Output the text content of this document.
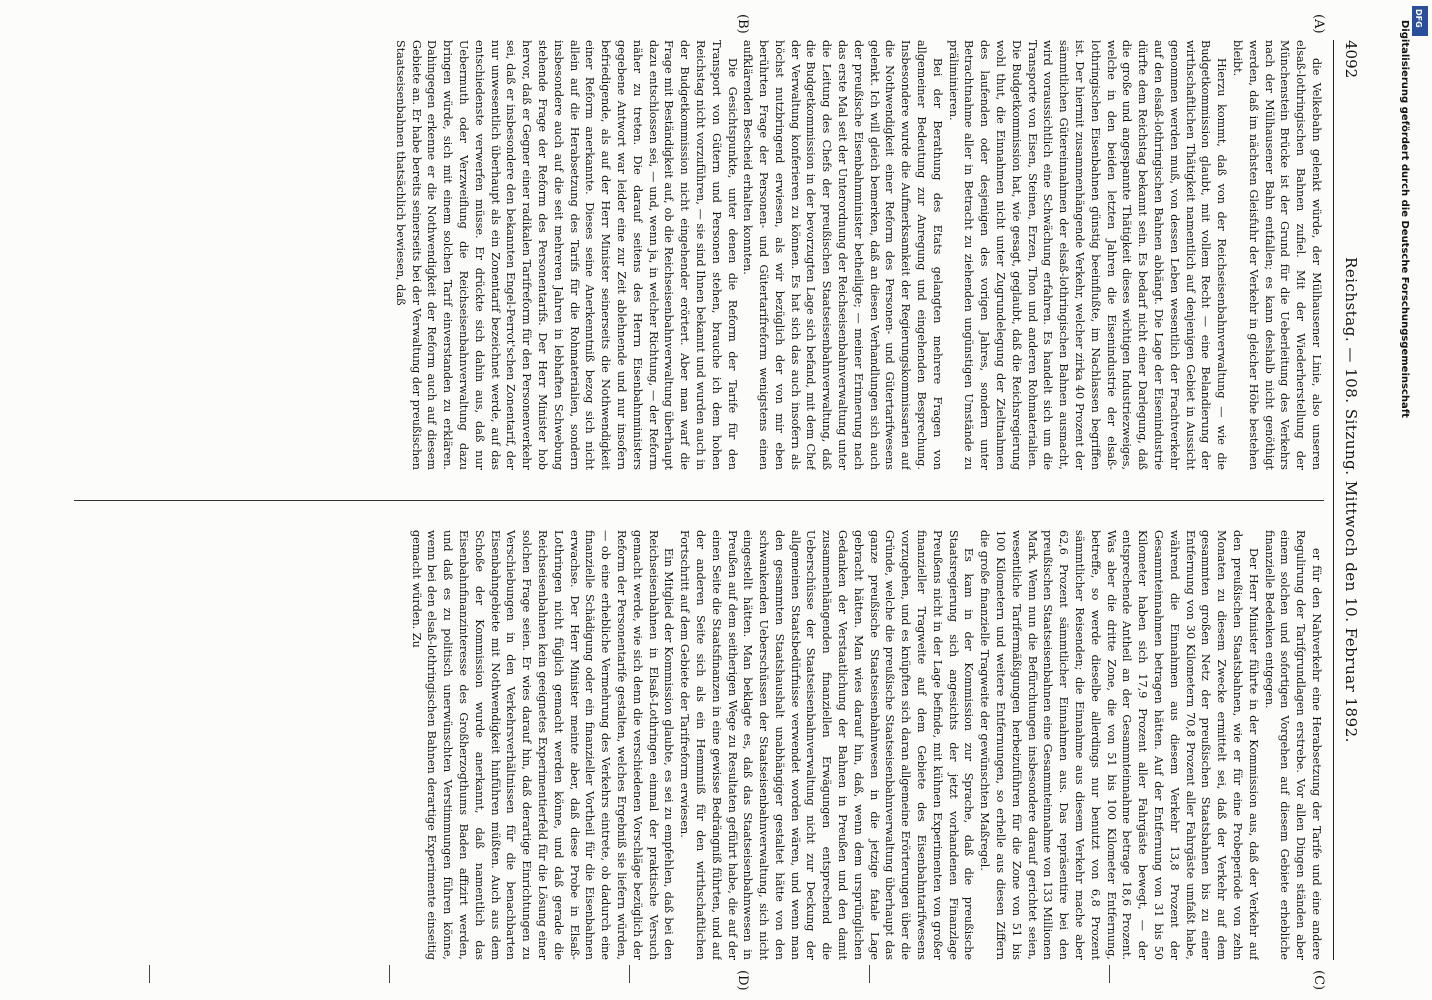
4092
Reichstag. — 108. Sitzung. Mittwoch den 10. Februar 1892.

die Velkebahn gelenkt würde, der Mülhausener Linie, also unseren elsaß-lothringischen Bahnen zufiel. Mit der Wiederherstellung der Münchenstein Brücke ist der Grund für die Ueberleitung des Verkehrs nach der Mülhausener Bahn entfallen; es kann deshalb nicht genöthigt werden, daß im nächsten Gleisfuhr der Verkehr in gleicher Höhe bestehen bleibt.

Hierzu kommt, daß von der Reichseisenbahnverwaltung — wie die Budgetkommission glaubt, mit vollem Recht — eine Belandierung der wirthschaftlichen Thätigkeit namentlich auf denjenigen Gebiet in Aussicht genommen werden muß, von dessen Leben wesentlich der Frachtverkehr auf den elsaß-lothringischen Bahnen abhängt. Die Lage der Eisenindustrie dürfte dem Reichstag bekannt sein. Es bedarf nicht einer Darlegung, daß die große und angespannte Thätigkeit dieses wichtigen Industriezweiges, welche in den beiden letzten Jahren die Eisenindustrie der elsaß-lothringischen Eisenbahnen günstig beeinflußte, im Nachlassen begriffen ist. Der hiermit zusammenhängende Verkehr, welcher zirka 40 Prozent der sämmtlichen Gütereinnahmen der elsaß-lothringischen Bahnen ausmacht, wird voraussichtlich eine Schwächung erfahren. Es handelt sich um die Transporte von Eisen, Steinen, Erzen, Thon und anderen Rohmaterialien. Die Budgetkommission hat, wie gesagt, geglaubt, daß die Reichsregierung wohl thut, die Einnahmen nicht unter Zugrundelegung der Zieltnahmen des laufenden oder desjenigen des vorigen Jahres, sondern unter Betrachtnahme aller in Betracht zu ziehenden ungünstigen Umstände zu präliminieren.

Bei der Berathung des Etats gelangten mehrere Fragen von allgemeiner Bedeutung zur Anregung und eingehenden Besprechung. Insbesondere wurde die Aufmerksamkeit der Regierungskommissarien auf die Nothwendigkeit einer Reform des Personen- und Gütertarifwesens gelenkt. Ich will gleich bemerken, daß an diesen Verhandlungen sich auch der preußische Eisenbahnminister betheiligte; — meiner Erinnerung nach das erste Mal seit der Unterordnung der Reichseisenbahnverwaltung unter die Leitung des Chefs der preußischen Staatseisenbahnverwaltung, daß die Budgetkommission in der bevorzugten Lage sich befand, mit dem Chef der Verwaltung konferieren zu können. Es hat sich das auch insofern als höchst nutzbringend erwiesen, als wir bezüglich der von mir eben berührten Frage der Personen- und Gütertarifreform wenigstens einen aufklärenden Bescheid erhalten konnten.

Die Gesichtspunkte, unter denen die Reform der Tarife für den Transport von Gütern und Personen stehen, brauche ich dem hohen Reichstag nicht vorzuführen, — sie sind Ihnen bekannt und wurden auch in der Budgetkommission nicht eingehender erörtert. Aber man warf die Frage mit Beständigkeit auf, ob die Reichseisenbahnverwaltung überhaupt dazu entschlossen sei, — und, wenn ja, in welcher Richtung, — der Reform näher zu treten. Die darauf seitens des Herrn Eisenbahnministers gegebene Antwort war leider eine zur Zeit ablehnende und nur insofern befriedigende, als auf der Herr Minister seinerseits die Nothwendigkeit einer Reform anerkannte. Dieses seine Anerkenntniß bezog sich nicht allein auf die Herabsetzung des Tarifs für die Rohmaterialien, sondern insbesondere auch auf die seit mehreren Jahren in lebhaften Schwebung stehende Frage der Reform des Personentarifs. Der Herr Minister hob hervor, daß er Gegner einer radikalen Tarifreform für den Personenverkehr sei, daß er insbesondere den bekannten Engel-Perrot'schen Zonentarif, der nur unwesentlich überhaupt als ein Zonentarif bezeichnet werde, auf das entschiedenste verwerfen müsse. Er drückte sich dahin aus, daß nur Uebermuth oder Verzweiflung die Reichseisenbahnverwaltung dazu bringen würde, sich mit einem solchen Tarif einverstanden zu erklären. Dahingegen erkenne er die Nothwendigkeit der Reform auch auf diesem Gebiete an. Er habe bereits seinerseits bei der Verwaltung der preußischen Staatseisenbahnen thatsächlich bewiesen, daß

er für den Nahverkehr eine Herabsetzung der Tarife und eine andere Regulirung der Tarifgrundlagen erstrebe. Vor allen Dingen ständen aber einem solchen und sofortigen Vorgehen auf diesem Gebiete erhebliche finanzielle Bedenken entgegen.

Der Herr Minister führte in der Kommission aus, daß der Verkehr auf den preußischen Staatsbahnen, wie er für eine Probeperiode von zehn Monaten zu diesem Zwecke ermittelt sei, daß der Verkehr auf dem gesammten großen Netz der preußischen Staatsbahnen bis zu einer Entfernung von 30 Kilometern 70,8 Prozent aller Fahrgäste umfaßt habe, während die Einnahmen aus diesem Verkehr 13,8 Prozent der Gesammteinnahmen betragen hätten. Auf der Entfernung von 31 bis 50 Kilometer haben sich 17,9 Prozent aller Fahrgäste bewegt, — der entsprechende Antheil an der Gesammteinnahme betrage 18,6 Prozent. Was aber die dritte Zone, die von 51 bis 100 Kilometer Entfernung, betreffe, so werde dieselbe allerdings nur benutzt von 6,8 Prozent sämmtlicher Reisenden; die Einnahme aus diesem Verkehr mache aber 62,6 Prozent sämmtlicher Einnahmen aus. Das repräsentire bei den preußischen Staatseisenbahnen eine Gesammteinnahme von 133 Millionen Mark. Wenn nun die Befürchtungen insbesondere darauf gerichtet seien, wesentliche Tarifermäßigungen herbeizuführen für die Zone von 51 bis 100 Kilometern und weitere Entfernungen, so erhelle aus diesen Ziffern die große finanzielle Tragweite der gewünschten Maßregel.

Es kam in der Kommission zur Sprache, daß die preußische Staatsregierung sich angesichts der jetzt vorhandenen Finanzlage Preußens nicht in der Lage befinde, mit kühnen Experimenten von großer finanzieller Tragweite auf dem Gebiete des Eisenbahntarifwesens vorzugehen, und es knüpften sich daran allgemeine Erörterungen über die Gründe, welche die preußische Staatseisenbahnverwaltung überhaupt das ganze preußische Staatseisenbahnwesen in die jetzige fatale Lage gebracht hätten. Man wies darauf hin, daß, wenn dem ursprünglichen Gedanken der Verstaatlichung der Bahnen in Preußen und den damit zusammenhängenden finanziellen Erwägungen entsprechend die Ueberschüsse der Staatseisenbahnverwaltung nicht zur Deckung der allgemeinen Staatsbedürfnisse verwendet worden wären, und wenn man den gesammten Staatshaushalt unabhängiger gestaltet hätte von den schwankenden Ueberschüssen der Staatseisenbahnverwaltung, sich nicht eingestellt hätten. Man beklagte es, daß das Staatseisenbahnwesen in Preußen auf dem seitherigen Wege zu Resultaten geführt habe, die auf der einen Seite die Staatsfinanzen in eine gewisse Bedrängniß führten, und auf der anderen Seite sich als ein Hemmniß für den wirthschaftlichen Fortschritt auf dem Gebiete der Tarifreform erwiesen.

Ein Mitglied der Kommission glaubte, es sei zu empfehlen, daß bei den Reichseisenbahnen in Elsaß-Lothringen einmal der praktische Versuch gemacht werde, wie sich denn die verschiedenen Vorschläge bezüglich der Reform der Personentarife gestalten, welches Ergebniß sie liefern würden, — ob eine erhebliche Vermehrung des Verkehrs eintrete, ob dadurch eine finanzielle Schädigung oder ein finanzieller Vortheil für die Eisenbahnen erwachse. Der Herr Minister meinte aber, daß diese Probe in Elsaß-Lothringen nicht füglich gemacht werden könne, und daß gerade die Reichseisenbahnen kein geeignetes Experimentierfeld für die Lösung einer solchen Frage seien. Er wies darauf hin, daß derartige Einrichtungen zu Verschiebungen in den Verkehrsverhältnissen für die benachbarten Eisenbahngebiete mit Nothwendigkeit hinführen müßten. Auch aus dem Schoße der Kommission wurde anerkannt, daß namentlich das Eisenbahnfinanzinteresse des Großherzogthums Baden affizirt werden, und daß es zu politisch unerwünschten Verstimmungen führen könne, wenn bei den elsaß-lothringischen Bahnen derartige Experimente einseitig gemacht würden. Zu

(A)
(B)
(C)
(D)
Digitalisierung gefördert durch die Deutsche Forschungsgemeinschaft
DFG
